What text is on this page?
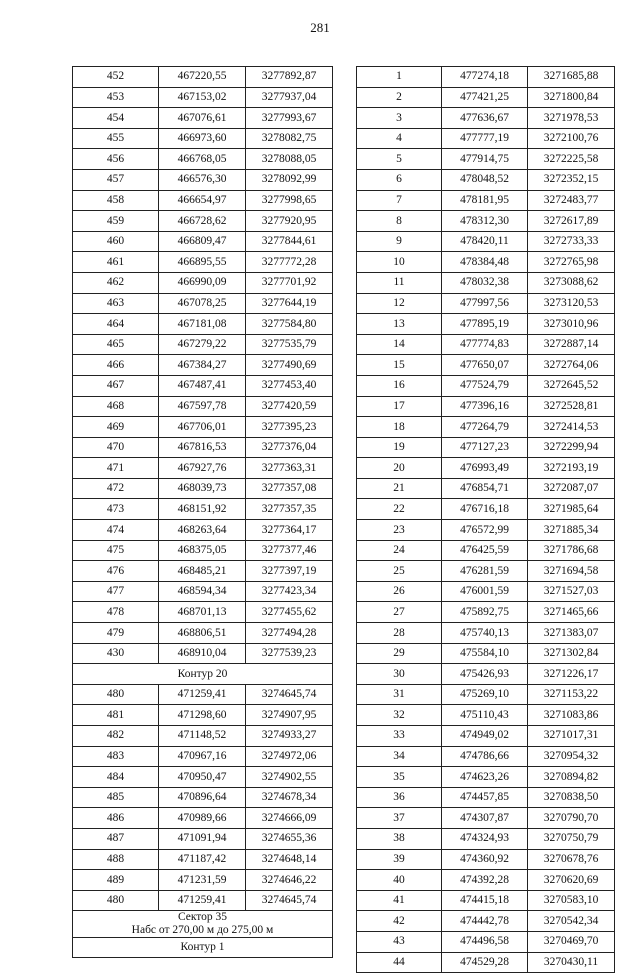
281
452	467220,55	3277892,87
453	467153,02	3277937,04
454	467076,61	3277993,67
455	466973,60	3278082,75
456	466768,05	3278088,05
457	466576,30	3278092,99
458	466654,97	3277998,65
459	466728,62	3277920,95
460	466809,47	3277844,61
461	466895,55	3277772,28
462	466990,09	3277701,92
463	467078,25	3277644,19
464	467181,08	3277584,80
465	467279,22	3277535,79
466	467384,27	3277490,69
467	467487,41	3277453,40
468	467597,78	3277420,59
469	467706,01	3277395,23
470	467816,53	3277376,04
471	467927,76	3277363,31
472	468039,73	3277357,08
473	468151,92	3277357,35
474	468263,64	3277364,17
475	468375,05	3277377,46
476	468485,21	3277397,19
477	468594,34	3277423,34
478	468701,13	3277455,62
479	468806,51	3277494,28
430	468910,04	3277539,23
Контур 20		
480	471259,41	3274645,74
481	471298,60	3274907,95
482	471148,52	3274933,27
483	470967,16	3274972,06
484	470950,47	3274902,55
485	470896,64	3274678,34
486	470989,66	3274666,09
487	471091,94	3274655,36
488	471187,42	3274648,14
489	471231,59	3274646,22
480	471259,41	3274645,74
Сектор 35
Набс от 270,00 м до 275,00 м		
Контур 1		
1	477274,18	3271685,88
2	477421,25	3271800,84
3	477636,67	3271978,53
4	477777,19	3272100,76
5	477914,75	3272225,58
6	478048,52	3272352,15
7	478181,95	3272483,77
8	478312,30	3272617,89
9	478420,11	3272733,33
10	478384,48	3272765,98
11	478032,38	3273088,62
12	477997,56	3273120,53
13	477895,19	3273010,96
14	477774,83	3272887,14
15	477650,07	3272764,06
16	477524,79	3272645,52
17	477396,16	3272528,81
18	477264,79	3272414,53
19	477127,23	3272299,94
20	476993,49	3272193,19
21	476854,71	3272087,07
22	476716,18	3271985,64
23	476572,99	3271885,34
24	476425,59	3271786,68
25	476281,59	3271694,58
26	476001,59	3271527,03
27	475892,75	3271465,66
28	475740,13	3271383,07
29	475584,10	3271302,84
30	475426,93	3271226,17
31	475269,10	3271153,22
32	475110,43	3271083,86
33	474949,02	3271017,31
34	474786,66	3270954,32
35	474623,26	3270894,82
36	474457,85	3270838,50
37	474307,87	3270790,70
38	474324,93	3270750,79
39	474360,92	3270678,76
40	474392,28	3270620,69
41	474415,18	3270583,10
42	474442,78	3270542,34
43	474496,58	3270469,70
44	474529,28	3270430,11
